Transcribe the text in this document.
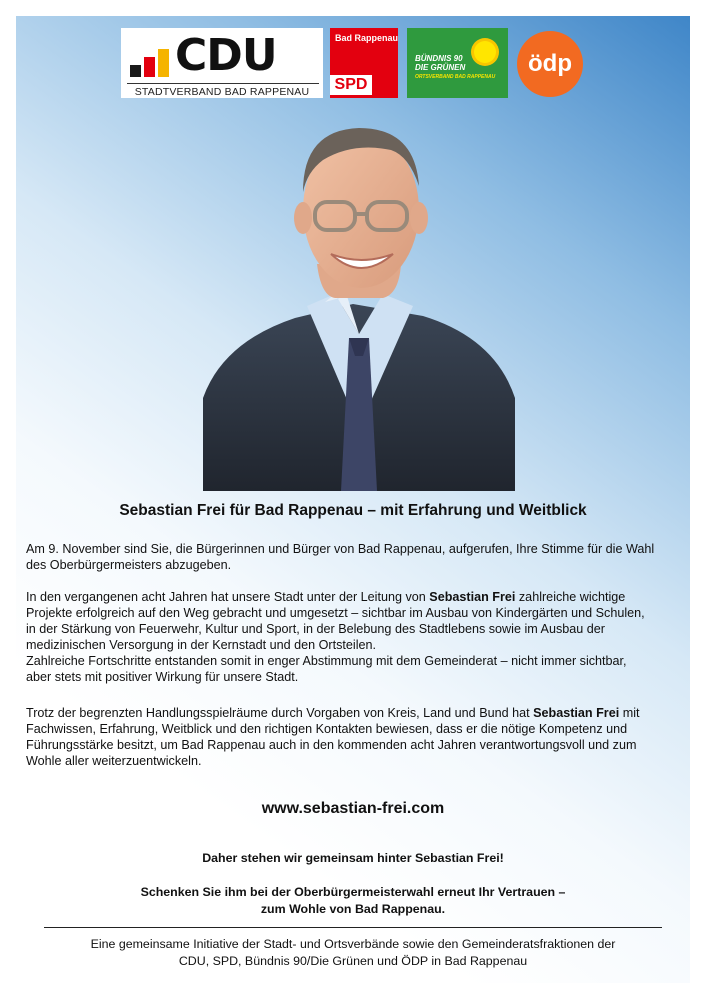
CDU
STADTVERBAND BAD RAPPENAU
Bad Rappenau
SPD
BÜNDNIS 90
DIE GRÜNEN
ORTSVERBAND BAD RAPPENAU	ödp
Sebastian Frei für Bad Rappenau – mit Erfahrung und Weitblick
Am 9. November sind Sie, die Bürgerinnen und Bürger von Bad Rappenau, aufgerufen, Ihre Stimme für die Wahl
des Oberbürgermeisters abzugeben.
In den vergangenen acht Jahren hat unsere Stadt unter der Leitung von Sebastian Frei zahlreiche wichtige
Projekte erfolgreich auf den Weg gebracht und umgesetzt – sichtbar im Ausbau von Kindergärten und Schulen,
in der Stärkung von Feuerwehr, Kultur und Sport, in der Belebung des Stadtlebens sowie im Ausbau der
medizinischen Versorgung in der Kernstadt und den Ortsteilen.
Zahlreiche Fortschritte entstanden somit in enger Abstimmung mit dem Gemeinderat – nicht immer sichtbar,
aber stets mit positiver Wirkung für unsere Stadt.
Trotz der begrenzten Handlungsspielräume durch Vorgaben von Kreis, Land und Bund hat Sebastian Frei mit
Fachwissen, Erfahrung, Weitblick und den richtigen Kontakten bewiesen, dass er die nötige Kompetenz und
Führungsstärke besitzt, um Bad Rappenau auch in den kommenden acht Jahren verantwortungsvoll und zum
Wohle aller weiterzuentwickeln.
www.sebastian-frei.com
Daher stehen wir gemeinsam hinter Sebastian Frei!
Schenken Sie ihm bei der Oberbürgermeisterwahl erneut Ihr Vertrauen –
zum Wohle von Bad Rappenau.
Eine gemeinsame Initiative der Stadt- und Ortsverbände sowie den Gemeinderatsfraktionen der
CDU, SPD, Bündnis 90/Die Grünen und ÖDP in Bad Rappenau
